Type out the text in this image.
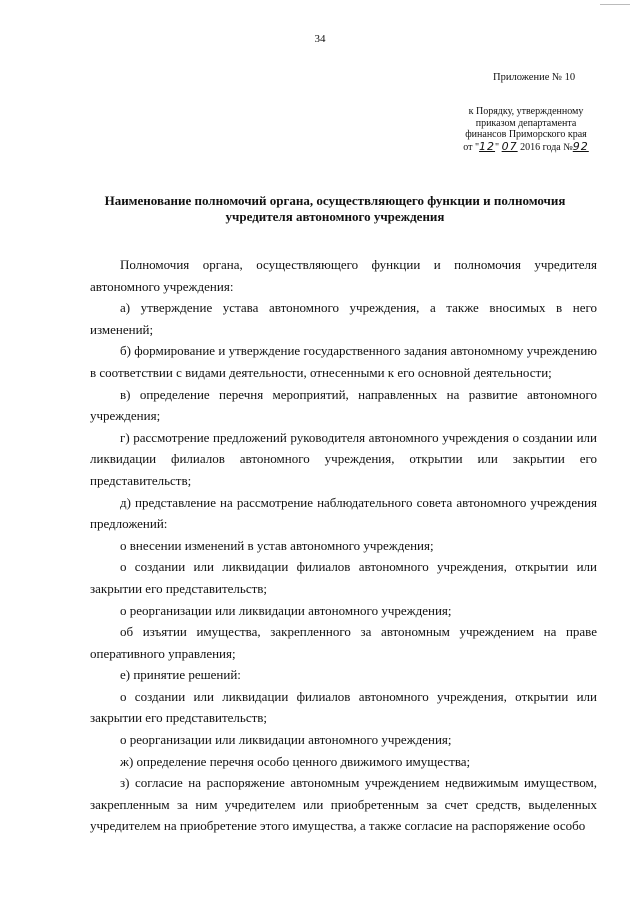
34
Приложение № 10
к Порядку, утвержденному
приказом департамента
финансов Приморского края
от "12" 07 2016 года №92
Наименование полномочий органа, осуществляющего функции и полномочия учредителя автономного учреждения

Полномочия органа, осуществляющего функции и полномочия учредителя автономного учреждения:

а) утверждение устава автономного учреждения, а также вносимых в него изменений;

б) формирование и утверждение государственного задания автономному учреждению в соответствии с видами деятельности, отнесенными к его основной деятельности;

в) определение перечня мероприятий, направленных на развитие автономного учреждения;

г) рассмотрение предложений руководителя автономного учреждения о создании или ликвидации филиалов автономного учреждения, открытии или закрытии его представительств;

д) представление на рассмотрение наблюдательного совета автономного учреждения предложений:

о внесении изменений в устав автономного учреждения;

о создании или ликвидации филиалов автономного учреждения, открытии или закрытии его представительств;

о реорганизации или ликвидации автономного учреждения;

об изъятии имущества, закрепленного за автономным учреждением на праве оперативного управления;

е) принятие решений:

о создании или ликвидации филиалов автономного учреждения, открытии или закрытии его представительств;

о реорганизации или ликвидации автономного учреждения;

ж) определение перечня особо ценного движимого имущества;

з) согласие на распоряжение автономным учреждением недвижимым имуществом, закрепленным за ним учредителем или приобретенным за счет средств, выделенных учредителем на приобретение этого имущества, а также согласие на распоряжение особо
